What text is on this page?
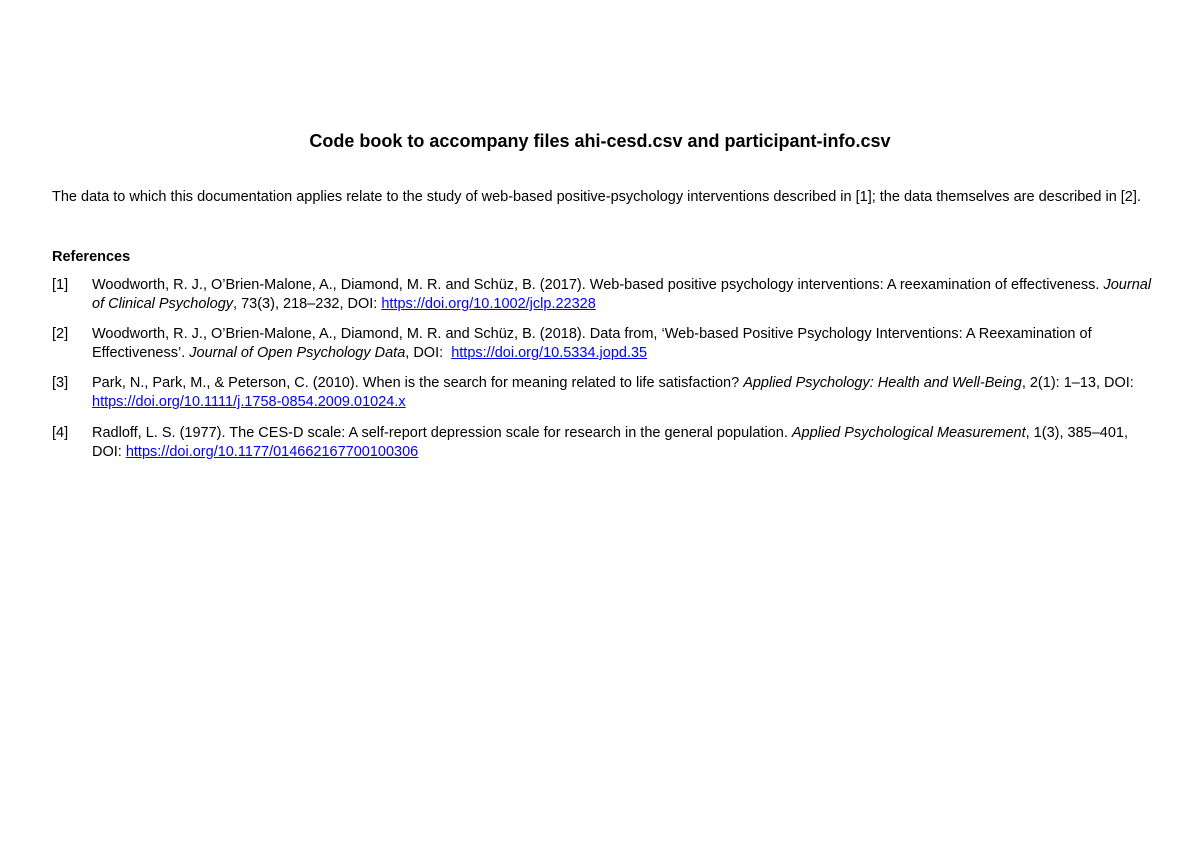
Code book to accompany files ahi-cesd.csv and participant-info.csv
The data to which this documentation applies relate to the study of web-based positive-psychology interventions described in [1]; the data themselves are described in [2].
References
[1]	Woodworth, R. J., O’Brien-Malone, A., Diamond, M. R. and Schüz, B. (2017). Web-based positive psychology interventions: A reexamination of effectiveness. Journal of Clinical Psychology, 73(3), 218–232, DOI: https://doi.org/10.1002/jclp.22328
[2]	Woodworth, R. J., O’Brien-Malone, A., Diamond, M. R. and Schüz, B. (2018). Data from, ‘Web-based Positive Psychology Interventions: A Reexamination of Effectiveness’. Journal of Open Psychology Data, DOI:  https://doi.org/10.5334.jopd.35
[3]	Park, N., Park, M., & Peterson, C. (2010). When is the search for meaning related to life satisfaction? Applied Psychology: Health and Well-Being, 2(1): 1–13, DOI: https://doi.org/10.1111/j.1758-0854.2009.01024.x
[4]	Radloff, L. S. (1977). The CES-D scale: A self-report depression scale for research in the general population. Applied Psychological Measurement, 1(3), 385–401, DOI: https://doi.org/10.1177/014662167700100306
